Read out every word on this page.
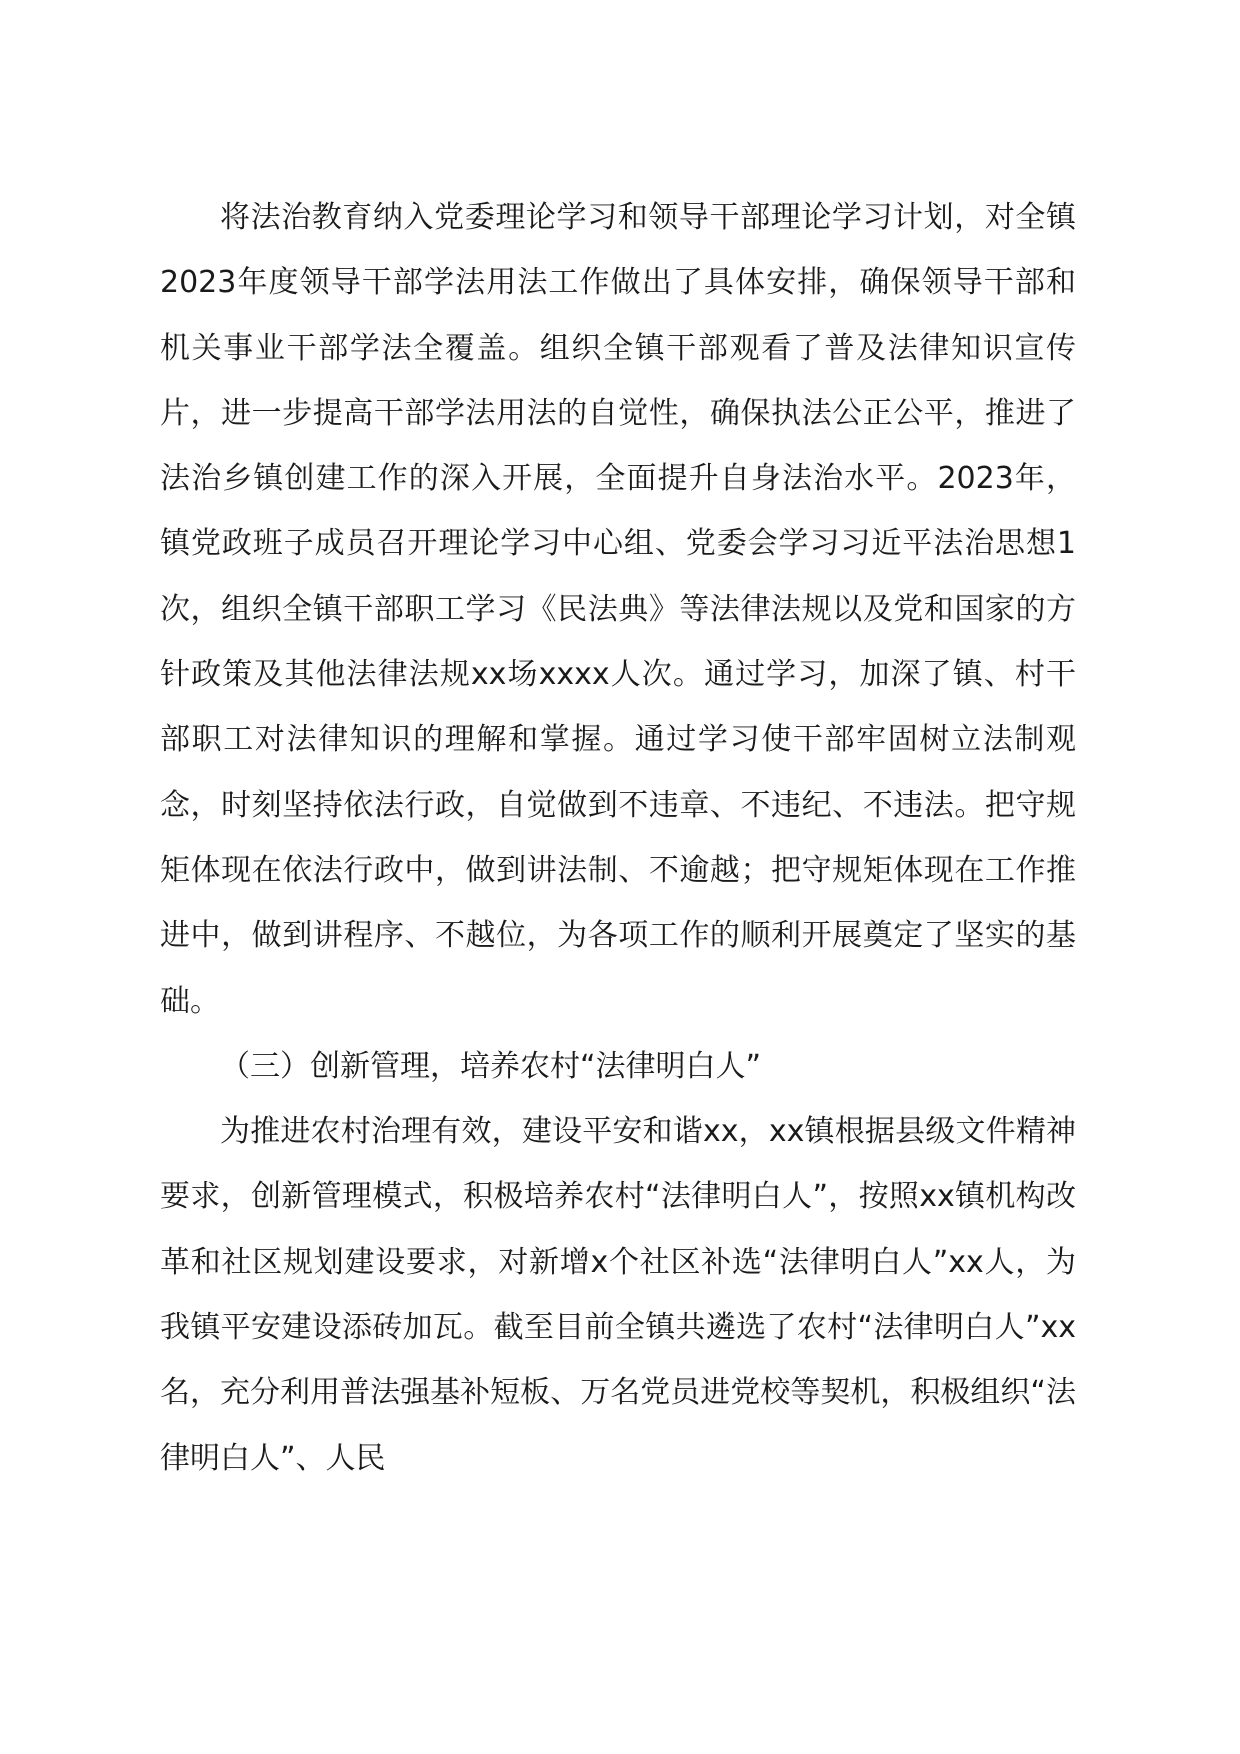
将法治教育纳入党委理论学习和领导干部理论学习计划，对全镇2023年度领导干部学法用法工作做出了具体安排，确保领导干部和机关事业干部学法全覆盖。组织全镇干部观看了普及法律知识宣传片，进一步提高干部学法用法的自觉性，确保执法公正公平，推进了法治乡镇创建工作的深入开展，全面提升自身法治水平。2023年，镇党政班子成员召开理论学习中心组、党委会学习习近平法治思想1次，组织全镇干部职工学习《民法典》等法律法规以及党和国家的方针政策及其他法律法规xx场xxxx人次。通过学习，加深了镇、村干部职工对法律知识的理解和掌握。通过学习使干部牢固树立法制观念，时刻坚持依法行政，自觉做到不违章、不违纪、不违法。把守规矩体现在依法行政中，做到讲法制、不逾越；把守规矩体现在工作推进中，做到讲程序、不越位，为各项工作的顺利开展奠定了坚实的基础。

（三）创新管理，培养农村“法律明白人”

为推进农村治理有效，建设平安和谐xx，xx镇根据县级文件精神要求，创新管理模式，积极培养农村“法律明白人”，按照xx镇机构改革和社区规划建设要求，对新增x个社区补选“法律明白人”xx人，为我镇平安建设添砖加瓦。截至目前全镇共遴选了农村“法律明白人”xx名，充分利用普法强基补短板、万名党员进党校等契机，积极组织“法律明白人”、人民
